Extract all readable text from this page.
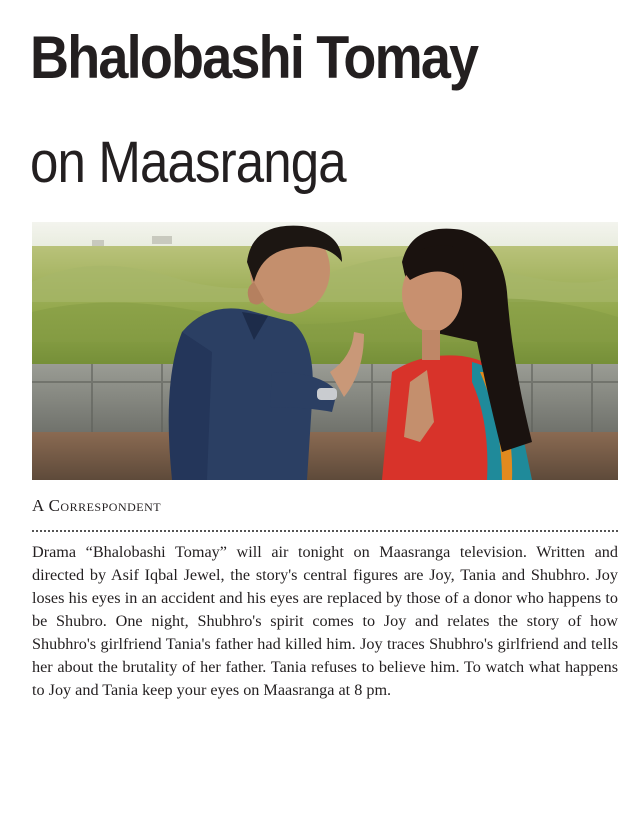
Bhalobashi Tomay
on Maasranga
A Correspondent

Drama “Bhalobashi Tomay” will air tonight on Maasranga television. Written and directed by Asif Iqbal Jewel, the story's central figures are Joy, Tania and Shubhro. Joy loses his eyes in an accident and his eyes are replaced by those of a donor who happens to be Shubro. One night, Shubhro's spirit comes to Joy and relates the story of how Shubhro's girlfriend Tania's father had killed him. Joy traces Shubhro's girlfriend and tells her about the brutality of her father. Tania refuses to believe him. To watch what happens to Joy and Tania keep your eyes on Maasranga at 8 pm.
